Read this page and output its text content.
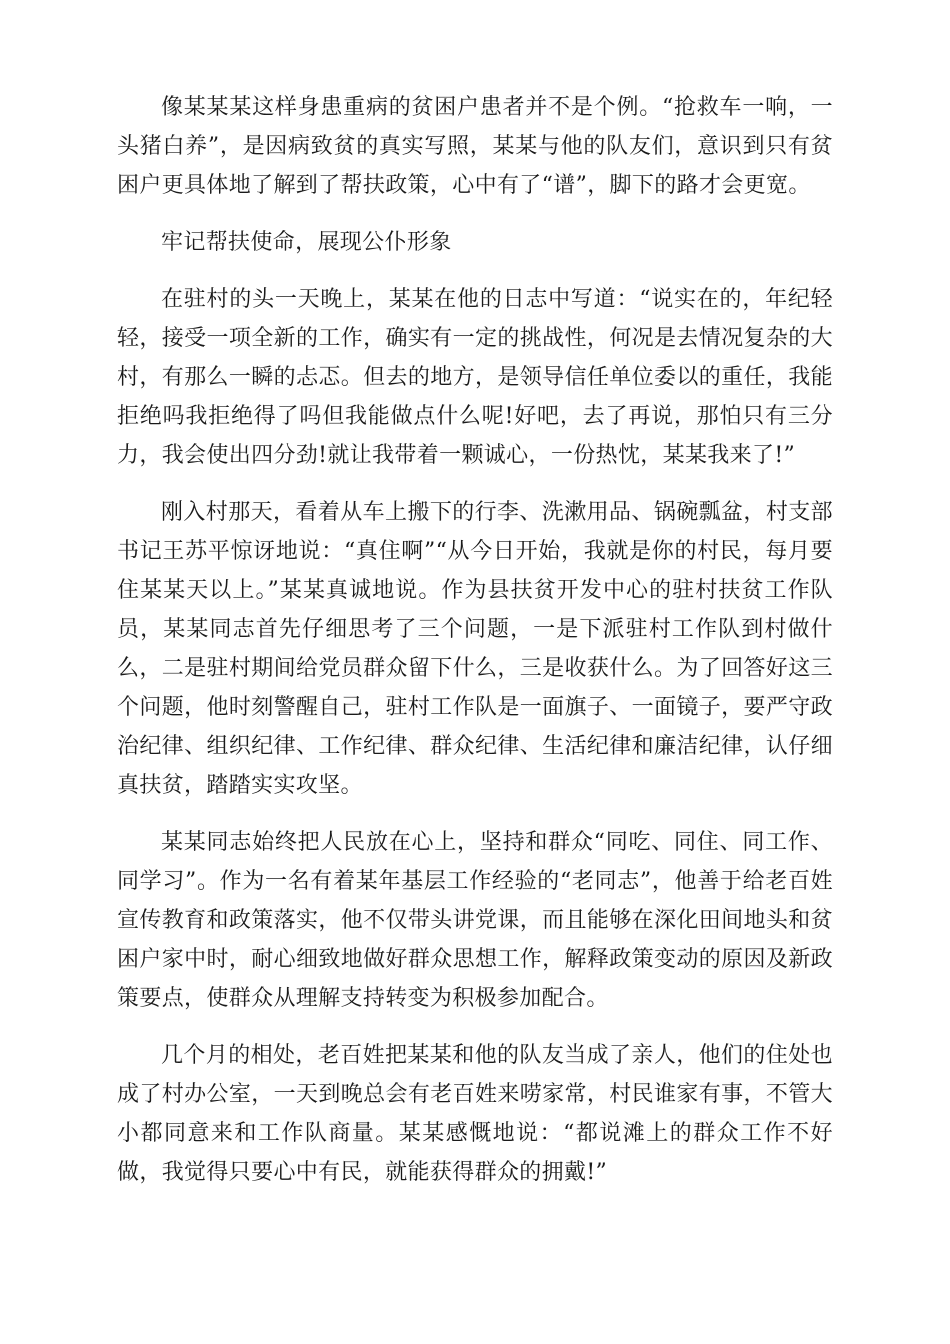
像某某某这样身患重病的贫困户患者并不是个例。“抢救车一响，一头猪白养”，是因病致贫的真实写照，某某与他的队友们，意识到只有贫困户更具体地了解到了帮扶政策，心中有了“谱”，脚下的路才会更宽。

牢记帮扶使命，展现公仆形象

在驻村的头一天晚上，某某在他的日志中写道：“说实在的，年纪轻轻，接受一项全新的工作，确实有一定的挑战性，何况是去情况复杂的大村，有那么一瞬的忐忑。但去的地方，是领导信任单位委以的重任，我能拒绝吗我拒绝得了吗但我能做点什么呢!好吧，去了再说，那怕只有三分力，我会使出四分劲!就让我带着一颗诚心，一份热忱，某某我来了!”

刚入村那天，看着从车上搬下的行李、洗漱用品、锅碗瓢盆，村支部书记王苏平惊讶地说：“真住啊”“从今日开始，我就是你的村民，每月要住某某天以上。”某某真诚地说。作为县扶贫开发中心的驻村扶贫工作队员，某某同志首先仔细思考了三个问题，一是下派驻村工作队到村做什么，二是驻村期间给党员群众留下什么，三是收获什么。为了回答好这三个问题，他时刻警醒自己，驻村工作队是一面旗子、一面镜子，要严守政治纪律、组织纪律、工作纪律、群众纪律、生活纪律和廉洁纪律，认仔细真扶贫，踏踏实实攻坚。

某某同志始终把人民放在心上，坚持和群众“同吃、同住、同工作、同学习”。作为一名有着某年基层工作经验的“老同志”，他善于给老百姓宣传教育和政策落实，他不仅带头讲党课，而且能够在深化田间地头和贫困户家中时，耐心细致地做好群众思想工作，解释政策变动的原因及新政策要点，使群众从理解支持转变为积极参加配合。

几个月的相处，老百姓把某某和他的队友当成了亲人，他们的住处也成了村办公室，一天到晚总会有老百姓来唠家常，村民谁家有事，不管大小都同意来和工作队商量。某某感慨地说：“都说滩上的群众工作不好做，我觉得只要心中有民，就能获得群众的拥戴!”
